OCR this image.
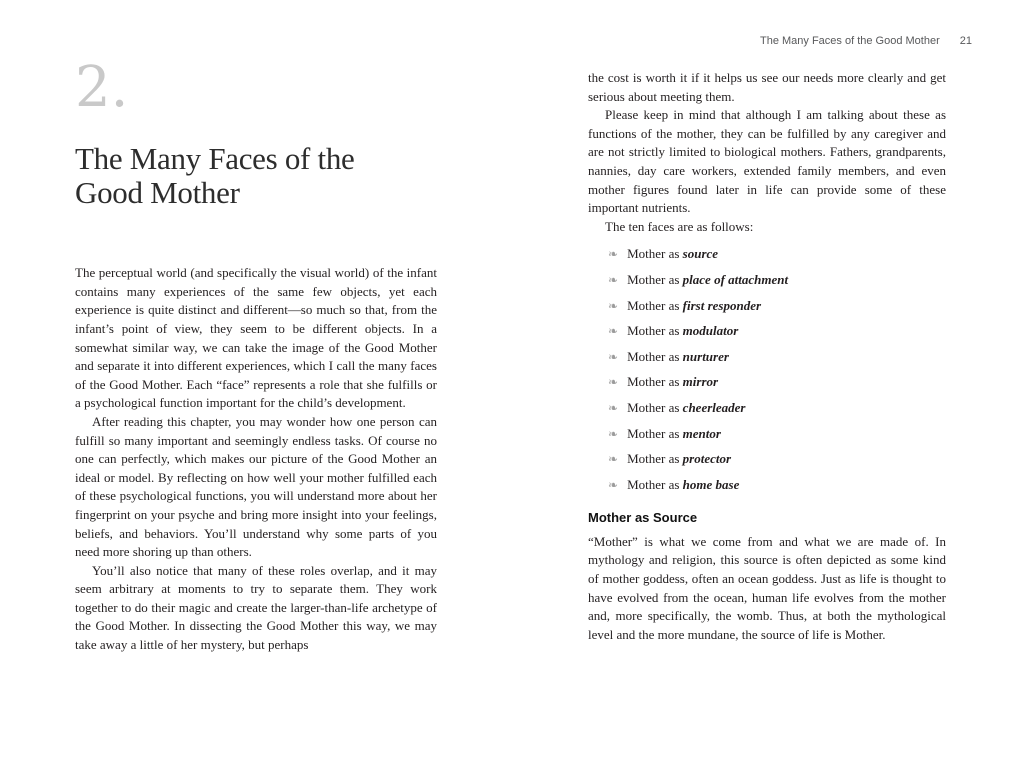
The Many Faces of the Good Mother 21
2.
The Many Faces of the
Good Mother

The perceptual world (and specifically the visual world) of the infant contains many experiences of the same few objects, yet each experience is quite distinct and different—so much so that, from the infant’s point of view, they seem to be different objects. In a somewhat similar way, we can take the image of the Good Mother and separate it into different experiences, which I call the many faces of the Good Mother. Each “face” represents a role that she fulfills or a psychological function important for the child’s development.

After reading this chapter, you may wonder how one person can fulfill so many important and seemingly endless tasks. Of course no one can perfectly, which makes our picture of the Good Mother an ideal or model. By reflecting on how well your mother fulfilled each of these psychological functions, you will understand more about her fingerprint on your psyche and bring more insight into your feelings, beliefs, and behaviors. You’ll understand why some parts of you need more shoring up than others.

You’ll also notice that many of these roles overlap, and it may seem arbitrary at moments to try to separate them. They work together to do their magic and create the larger-than-life archetype of the Good Mother. In dissecting the Good Mother this way, we may take away a little of her mystery, but perhaps

the cost is worth it if it helps us see our needs more clearly and get serious about meeting them.

Please keep in mind that although I am talking about these as functions of the mother, they can be fulfilled by any caregiver and are not strictly limited to biological mothers. Fathers, grandparents, nannies, day care workers, extended family members, and even mother figures found later in life can provide some of these important nutrients.

The ten faces are as follows:

❧ Mother as source
❧ Mother as place of attachment
❧ Mother as first responder
❧ Mother as modulator
❧ Mother as nurturer
❧ Mother as mirror
❧ Mother as cheerleader
❧ Mother as mentor
❧ Mother as protector
❧ Mother as home base
Mother as Source

“Mother” is what we come from and what we are made of. In mythology and religion, this source is often depicted as some kind of mother goddess, often an ocean goddess. Just as life is thought to have evolved from the ocean, human life evolves from the mother and, more specifically, the womb. Thus, at both the mythological level and the more mundane, the source of life is Mother.
